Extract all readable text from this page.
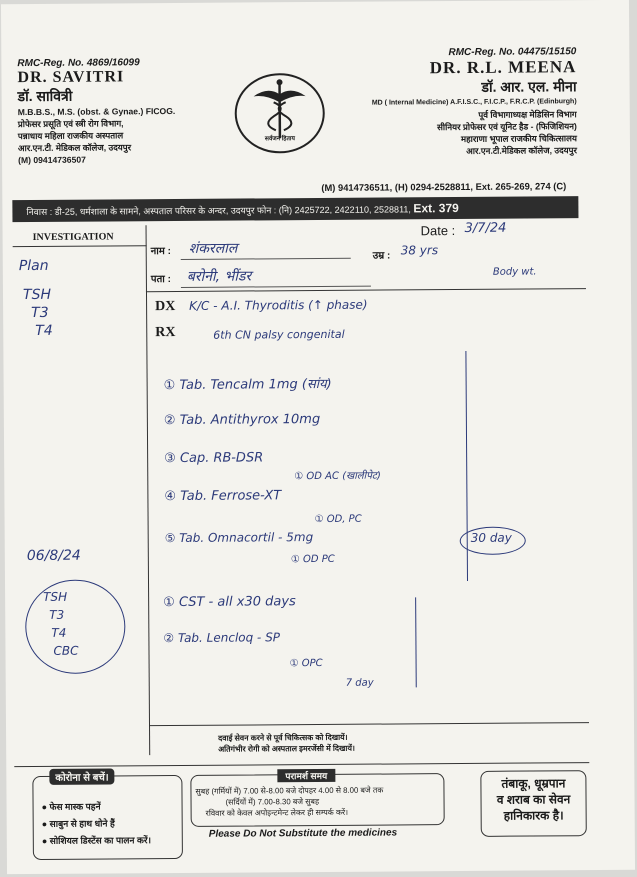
RMC-Reg. No. 4869/16099
DR. SAVITRI
डॉ. सावित्री
M.B.B.S., M.S. (obst. & Gynae.) FICOG.
प्रोफेसर प्रसूति एवं स्त्री रोग विभाग,
पन्नाधाय महिला राजकीय अस्पताल
आर.एन.टी. मेडिकल कॉलेज, उदयपुर
(M) 09414736507
सर्वजन हिताय
RMC-Reg. No. 04475/15150
DR. R.L. MEENA
डॉ. आर. एल. मीना
MD ( Internal Medicine) A.F.I.S.C., F.I.C.P., F.R.C.P. (Edinburgh)
पूर्व विभागाध्यक्ष मेडिसिन विभाग
सीनियर प्रोफेसर एवं यूनिट हैड - (फिजिशियन)
महाराणा भूपाल राजकीय चिकित्सालय
आर.एन.टी.मेडिकल कॉलेज, उदयपुर
(M) 9414736511, (H) 0294-2528811, Ext. 265-269, 274 (C)
निवास : डी-25, धर्मशाला के सामने, अस्पताल परिसर के अन्दर, उदयपुर फोन : (नि) 2425722, 2422110, 2528811, Ext. 379
INVESTIGATION
नाम : शंकरलाल
पता : बरोनी, भींडर
उम्र : 38 yrs
Date : 3/7/24
Body wt.
Plan
TSH
T3
T4
06/8/24
TSH
T3
T4
CBC
DX K/C - A.I. Thyroditis (↑ phase)
RX	6th CN palsy congenital
① Tab. Tencalm 1mg (सांय)
② Tab. Antithyrox 10mg
③ Cap. RB-DSR
① OD AC (खालीपेट)
④ Tab. Ferrose-XT
① OD, PC
⑤ Tab. Omnacortil - 5mg
① OD PC
30 day
① CST - all x30 days
② Tab. Lencloq - SP
① OPC
7 day
दवाई सेवन करने से पूर्व चिकित्सक को दिखायें।
अतिगंभीर रोगी को अस्पताल इमरजेंसी में दिखायें।
कोरोना से बचें।
● फेस मास्क पहनें
● साबुन से हाथ धोने हैं
● सोशियल डिस्टेंस का पालन करें।
परामर्श समय
सुबह (गर्मियों में) 7.00 से-8.00 बजे दोपहर 4.00 से 8.00 बजे तक
(सर्दियों में) 7.00-8.30 बजे सुबह
रविवार को केवल अपोइन्टमेन्ट लेकर ही सम्पर्क करें।
तंबाकू, धूम्रपान
व शराब का सेवन
हानिकारक है।
Please Do Not Substitute the medicines
